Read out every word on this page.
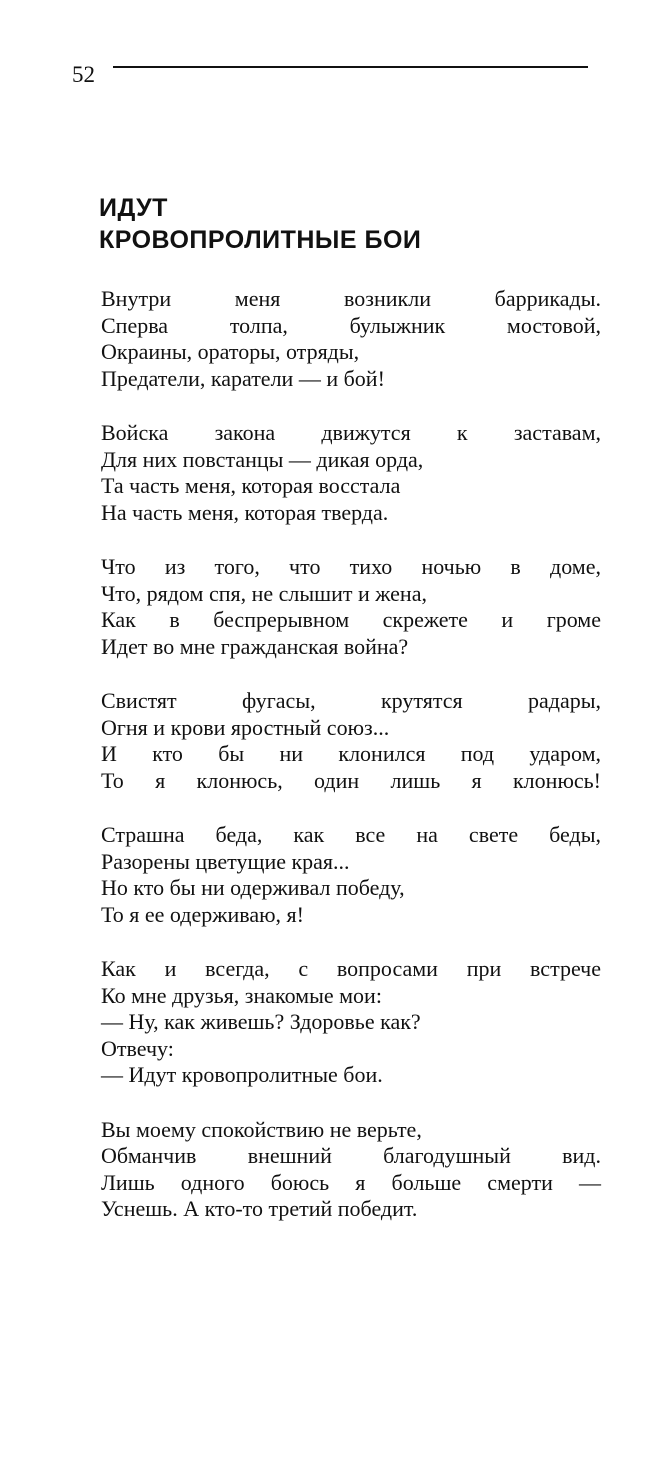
52
ИДУТ
КРОВОПРОЛИТНЫЕ БОИ
Внутри меня возникли баррикады.
Сперва толпа, булыжник мостовой,
Окраины, ораторы, отряды,
Предатели, каратели — и бой!
Войска закона движутся к заставам,
Для них повстанцы — дикая орда,
Та часть меня, которая восстала
На часть меня, которая тверда.
Что из того, что тихо ночью в доме,
Что, рядом спя, не слышит и жена,
Как в беспрерывном скрежете и громе
Идет во мне гражданская война?
Свистят фугасы, крутятся радары,
Огня и крови яростный союз...
И кто бы ни клонился под ударом,
То я клонюсь, один лишь я клонюсь!
Страшна беда, как все на свете беды,
Разорены цветущие края...
Но кто бы ни одерживал победу,
То я ее одерживаю, я!
Как и всегда, с вопросами при встрече
Ко мне друзья, знакомые мои:
— Ну, как живешь? Здоровье как?
Отвечу:
— Идут кровопролитные бои.
Вы моему спокойствию не верьте,
Обманчив внешний благодушный вид.
Лишь одного боюсь я больше смерти —
Уснешь. А кто-то третий победит.
